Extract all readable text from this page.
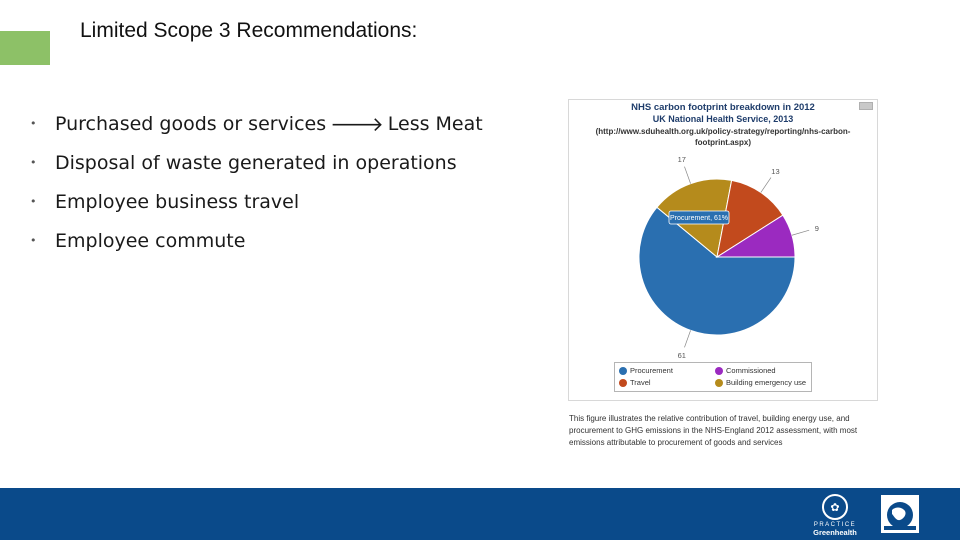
Limited Scope 3 Recommendations:
• Purchased goods or services 🡒 Less Meat
• Disposal of waste generated in operations
• Employee business travel
• Employee commute
NHS carbon footprint breakdown in 2012
UK National Health Service, 2013
(http://www.sduhealth.org.uk/policy-strategy/reporting/nhs-carbon-footprint.aspx)
61
17
13
9
Procurement, 61%
Procurement	Commissioned
Travel	Building emergency use
This figure illustrates the relative contribution of travel, building energy use, and procurement to GHG emissions in the NHS-England 2012 assessment, with most emissions attributable to procurement of goods and services
✿
PRACTICE
Greenhealth
